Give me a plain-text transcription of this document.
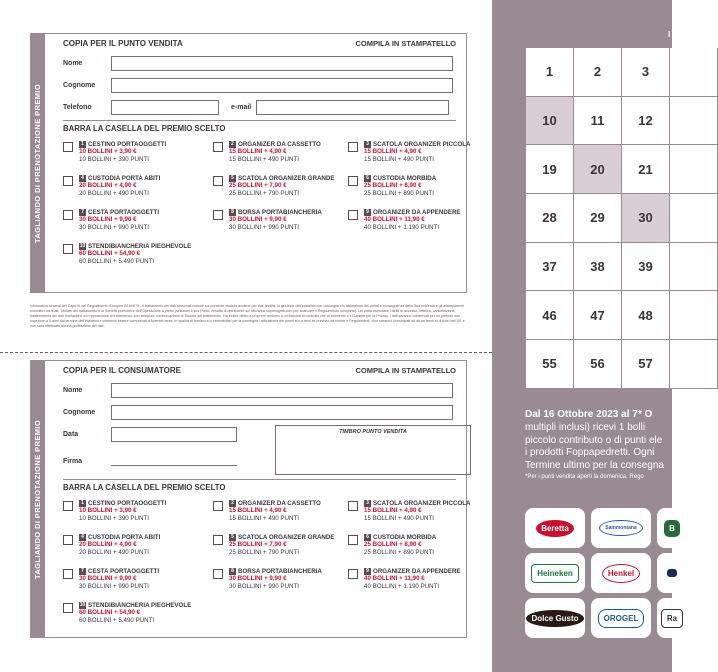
TAGLIANDO DI PRENOTAZIONE PREMIO
COPIA PER IL PUNTO VENDITA	COMPILA IN STAMPATELLO
Nome
Cognome
Telefono	e-mail
BARRA LA CASELLA DEL PREMIO SCELTO
1 CESTINO PORTAOGGETTI
10 BOLLINI + 3,90 €
10 BOLLINI + 390 PUNTI
2 ORGANIZER DA CASSETTO
15 BOLLINI + 4,90 €
15 BOLLINI + 490 PUNTI
3 SCATOLA ORGANIZER PICCOLA
15 BOLLINI + 4,90 €
15 BOLLINI + 490 PUNTI
4 CUSTODIA PORTA ABITI
20 BOLLINI + 4,90 €
20 BOLLINI + 490 PUNTI
5 SCATOLA ORGANIZER GRANDE
25 BOLLINI + 7,90 €
25 BOLLINI + 790 PUNTI
6 CUSTODIA MORBIDA
25 BOLLINI + 8,90 €
25 BOLLINI + 890 PUNTI
7 CESTA PORTAOGGETTI
30 BOLLINI + 9,90 €
30 BOLLINI + 990 PUNTI
8 BORSA PORTABIANCHERIA
30 BOLLINI + 9,90 €
30 BOLLINI + 990 PUNTI
9 ORGANIZER DA APPENDERE
40 BOLLINI + 11,90 €
40 BOLLINI + 1.190 PUNTI
10 STENDIBIANCHERIA PIEGHEVOLE
60 BOLLINI + 54,90 €
60 BOLLINI + 5.490 PUNTI
Informativa ai sensi del Capo III del Regolamento Europeo 2016/679 - Il trattamento dei dati personali raccolti sul presente modulo avviene per due finalità: la gestione dell'iniziativa con consegna e/o attivazione dei premi e conseguenza della Sua richiesta e gli adempimenti normativi correlati. Titolare del trattamento è la Società promotrice dell'Operazione a premi (selezioni il suo Punto Vendita di riferimento sul sito www.supersigma.com per scaricare il Regolamento completo). Lei potrà esercitare i diritti di accesso, rettifica, cancellazione, trasferimento dei dati, limitazione e/o opposizione al trattamento, con semplice comunicazione al Titolare del trattamento. Ha inoltre diritto a proporre reclamo a un'Autorità di controllo che al momento è il Garante per la Privacy. I dati saranno conservati per un periodo non superiore a 5 anni dal termine dell'iniziativa e potranno essere comunicati a Aziende terze, in qualità di fornitori e/o intermediari per la consegna / attivazione dei premi e/o a terzi se previsto da norme e Regolamenti. Non saranno comunicati ad alcun terzo al di fuori dell'UE e non sarà effettuata alcuna profilazione dei dati.
TAGLIANDO DI PRENOTAZIONE PREMIO
COPIA PER IL CONSUMATORE	COMPILA IN STAMPATELLO
Nome
Cognome
Data
Firma
TIMBRO PUNTO VENDITA
BARRA LA CASELLA DEL PREMIO SCELTO
1 CESTINO PORTAOGGETTI
10 BOLLINI + 3,90 €
10 BOLLINI + 390 PUNTI
2 ORGANIZER DA CASSETTO
15 BOLLINI + 4,90 €
15 BOLLINI + 490 PUNTI
3 SCATOLA ORGANIZER PICCOLA
15 BOLLINI + 4,90 €
15 BOLLINI + 490 PUNTI
4 CUSTODIA PORTA ABITI
20 BOLLINI + 4,90 €
20 BOLLINI + 490 PUNTI
5 SCATOLA ORGANIZER GRANDE
25 BOLLINI + 7,90 €
25 BOLLINI + 790 PUNTI
6 CUSTODIA MORBIDA
25 BOLLINI + 8,90 €
25 BOLLINI + 890 PUNTI
7 CESTA PORTAOGGETTI
30 BOLLINI + 9,90 €
30 BOLLINI + 990 PUNTI
8 BORSA PORTABIANCHERIA
30 BOLLINI + 9,90 €
30 BOLLINI + 990 PUNTI
9 ORGANIZER DA APPENDERE
40 BOLLINI + 11,90 €
40 BOLLINI + 1.190 PUNTI
10 STENDIBIANCHERIA PIEGHEVOLE
60 BOLLINI + 54,90 €
60 BOLLINI + 5.490 PUNTI
I
1	2	3
10	11	12
19	20	21
28	29	30
37	38	39
46	47	48
55	56	57
Dal 16 Ottobre 2023 al 7* O
multipli inclusi) ricevi 1 bolli
piccolo contributo o di punti ele
i prodotti Foppapedretti. Ogni
Termine ultimo per la consegna
*Per i punti vendita aperti la domenica. Rego
Beretta	Sammontana	B
Heineken	Henkel
Dolce Gusto	OROGEL	Ra
